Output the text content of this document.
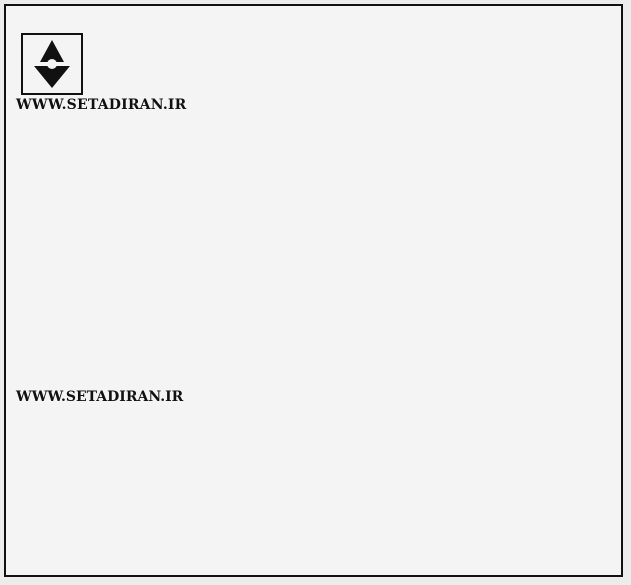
WWW.SETADIRAN.IR

WWW.SETADIRAN.IR
